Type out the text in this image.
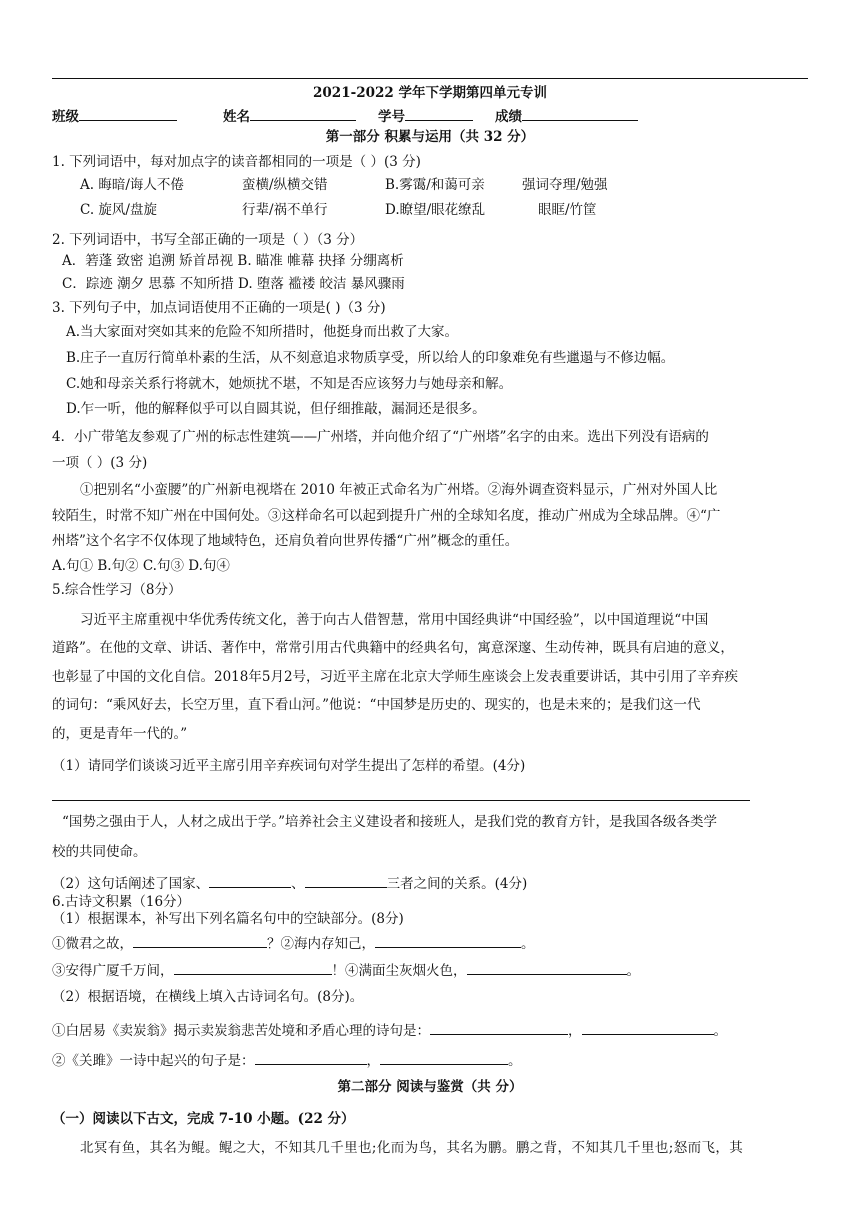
2021-2022 学年下学期第四单元专训
班级	姓名	学号	成绩
第一部分 积累与运用（共 32 分）
1. 下列词语中，每对加点字的读音都相同的一项是（ ）(3 分)
A. 晦暗/诲人不倦	蛮横/纵横交错	B.雾霭/和蔼可亲	强词夺理/勉强
C. 旋风/盘旋	行辈/祸不单行	D.瞭望/眼花缭乱	眼眶/竹筐
2. 下列词语中，书写全部正确的一项是（ ）（3 分）
A．箬蓬 致密 追溯 矫首昂视 B. 瞄准 帷幕 抉择 分绷离析
C．踪迹 潮夕 思慕 不知所措 D. 堕落 褴褛 皎洁 暴风骤雨
3. 下列句子中，加点词语使用不正确的一项是( )（3 分)
A.当大家面对突如其来的危险不知所措时，他挺身而出救了大家。
B.庄子一直厉行简单朴素的生活，从不刻意追求物质享受，所以给人的印象难免有些邋遢与不修边幅。
C.她和母亲关系行将就木，她烦扰不堪，不知是否应该努力与她母亲和解。
D.乍一听，他的解释似乎可以自圆其说，但仔细推敲，漏洞还是很多。
4．小广带笔友参观了广州的标志性建筑——广州塔，并向他介绍了“广州塔”名字的由来。选出下列没有语病的
一项（ ）(3 分)
①把别名“小蛮腰”的广州新电视塔在 2010 年被正式命名为广州塔。②海外调查资料显示，广州对外国人比
较陌生，时常不知广州在中国何处。③这样命名可以起到提升广州的全球知名度，推动广州成为全球品牌。④“广
州塔”这个名字不仅体现了地域特色，还肩负着向世界传播“广州”概念的重任。
A.句① B.句② C.句③ D.句④
5.综合性学习（8分）
习近平主席重视中华优秀传统文化，善于向古人借智慧，常用中国经典讲“中国经验”，以中国道理说“中国
道路”。在他的文章、讲话、著作中，常常引用古代典籍中的经典名句，寓意深邃、生动传神，既具有启迪的意义，
也彰显了中国的文化自信。2018年5月2号，习近平主席在北京大学师生座谈会上发表重要讲话，其中引用了辛弃疾
的词句：“乘风好去，长空万里，直下看山河。”他说：“中国梦是历史的、现实的，也是未来的；是我们这一代
的，更是青年一代的。”
（1）请同学们谈谈习近平主席引用辛弃疾词句对学生提出了怎样的希望。(4分)
“国势之强由于人，人材之成出于学。”培养社会主义建设者和接班人，是我们党的教育方针，是我国各级各类学
校的共同使命。
（2）这句话阐述了国家、	、	三者之间的关系。(4分)
6.古诗文积累（16分）
（1）根据课本，补写出下列名篇名句中的空缺部分。(8分)
①微君之故，	？②海内存知己，	。
③安得广厦千万间，	！④满面尘灰烟火色，	。
（2）根据语境，在横线上填入古诗词名句。(8分)。
①白居易《卖炭翁》揭示卖炭翁悲苦处境和矛盾心理的诗句是：	，	。
②《关雎》一诗中起兴的句子是：	，	。
第二部分 阅读与鉴赏（共 分）
（一）阅读以下古文，完成 7-10 小题。(22 分）
北冥有鱼，其名为鲲。鲲之大，不知其几千里也;化而为鸟，其名为鹏。鹏之背，不知其几千里也;怒而飞，其
